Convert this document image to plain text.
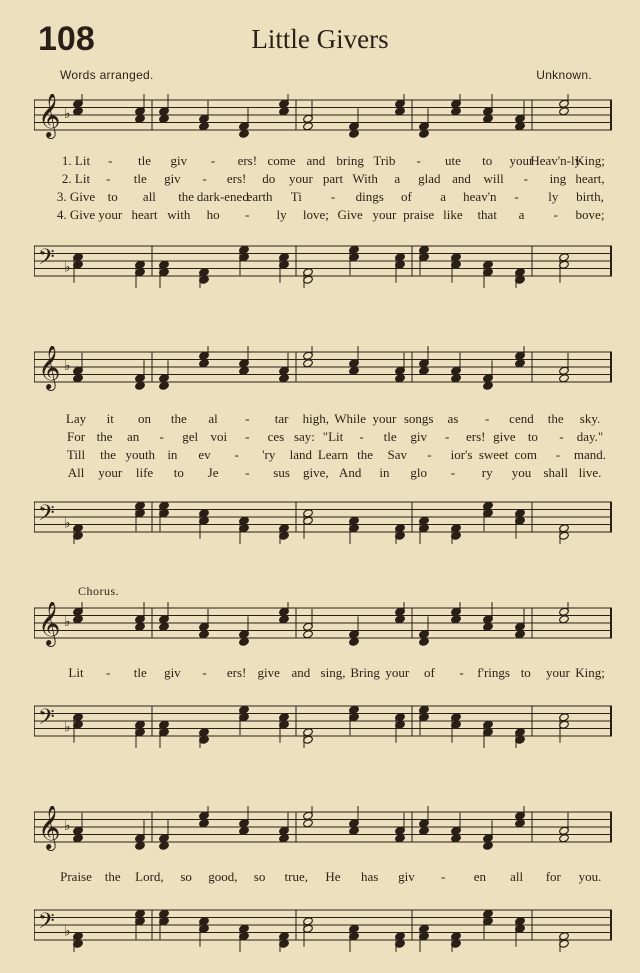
108	Little Givers
Words arranged.	Unknown.
𝄞 ♭
𝄢 ♭
𝄞 ♭
𝄢 ♭
𝄞 ♭
𝄢 ♭
𝄞 ♭
𝄢 ♭
Chorus.
1. Lit - tle giv - ers! come and bring Trib - ute to your
Heav'n-ly
King;
2. Lit - tle giv - ers! do your part With a glad and will - ing heart,
3. Give to all the dark-ened
earth Ti - dings of a heav'n - ly birth,
4. Give your heart with ho - ly love; Give your praise like that a - bove;
Lay it on the al - tar high, While your songs as - cend the sky.
For the an - gel voi - ces say: "Lit - tle giv - ers! give to - day."
Till the youth in ev - 'ry land Learn the Sav - ior's sweet com - mand.
All your life to Je - sus give, And in glo - ry you shall live.
Lit - tle giv - ers! give and sing, Bring your of - f'rings to your King;
Praise the Lord, so good, so true, He has giv - en all for you.
